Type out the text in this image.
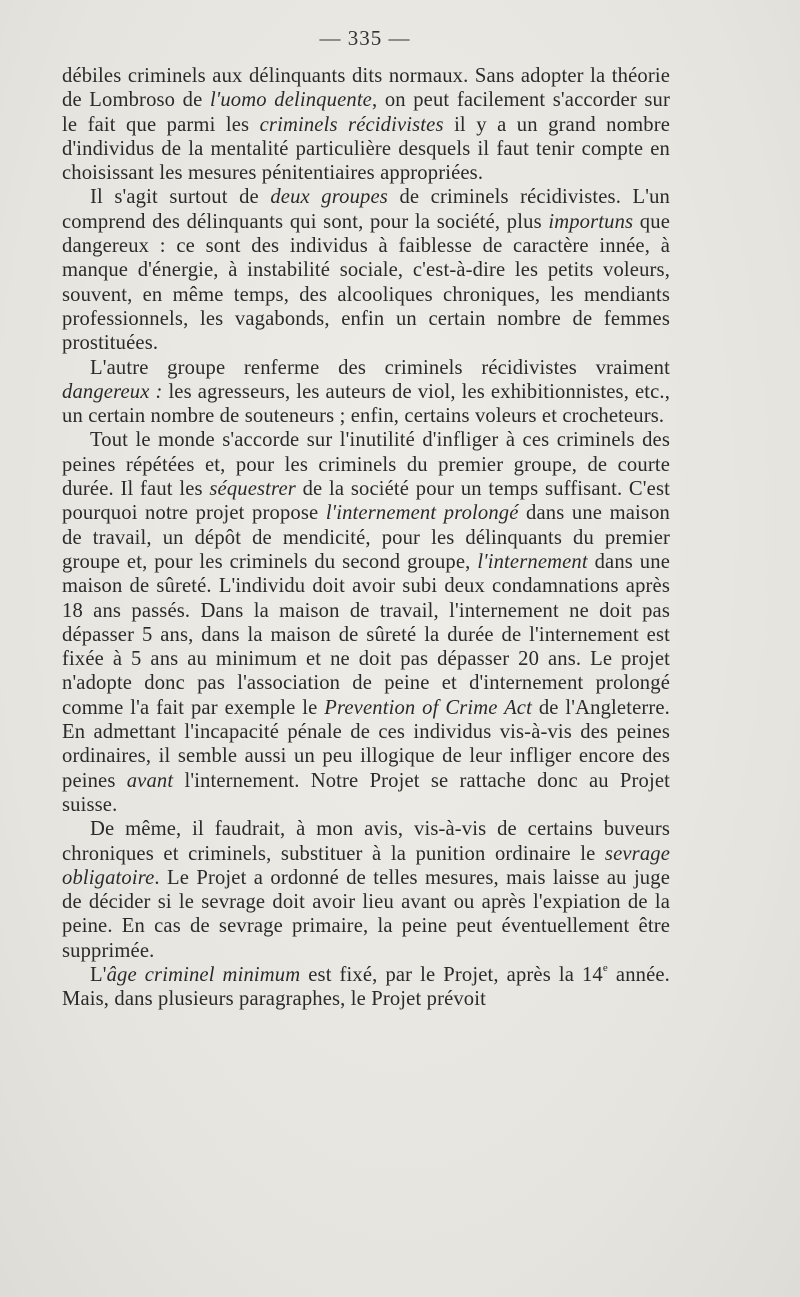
— 335 —

débiles criminels aux délinquants dits normaux. Sans adopter la théorie de Lombroso de l'uomo delinquente, on peut facilement s'accorder sur le fait que parmi les criminels récidivistes il y a un grand nombre d'individus de la mentalité particulière desquels il faut tenir compte en choisissant les mesures pénitentiaires appropriées.

Il s'agit surtout de deux groupes de criminels récidivistes. L'un comprend des délinquants qui sont, pour la société, plus importuns que dangereux : ce sont des individus à faiblesse de caractère innée, à manque d'énergie, à instabilité sociale, c'est-à-dire les petits voleurs, souvent, en même temps, des alcooliques chroniques, les mendiants professionnels, les vagabonds, enfin un certain nombre de femmes prostituées.

L'autre groupe renferme des criminels récidivistes vraiment dangereux : les agresseurs, les auteurs de viol, les exhibitionnistes, etc., un certain nombre de souteneurs ; enfin, certains voleurs et crocheteurs.

Tout le monde s'accorde sur l'inutilité d'infliger à ces criminels des peines répétées et, pour les criminels du premier groupe, de courte durée. Il faut les séquestrer de la société pour un temps suffisant. C'est pourquoi notre projet propose l'internement prolongé dans une maison de travail, un dépôt de mendicité, pour les délinquants du premier groupe et, pour les criminels du second groupe, l'internement dans une maison de sûreté. L'individu doit avoir subi deux condamnations après 18 ans passés. Dans la maison de travail, l'internement ne doit pas dépasser 5 ans, dans la maison de sûreté la durée de l'internement est fixée à 5 ans au minimum et ne doit pas dépasser 20 ans. Le projet n'adopte donc pas l'association de peine et d'internement prolongé comme l'a fait par exemple le Prevention of Crime Act de l'Angleterre. En admettant l'incapacité pénale de ces individus vis-à-vis des peines ordinaires, il semble aussi un peu illogique de leur infliger encore des peines avant l'internement. Notre Projet se rattache donc au Projet suisse.

De même, il faudrait, à mon avis, vis-à-vis de certains buveurs chroniques et criminels, substituer à la punition ordinaire le sevrage obligatoire. Le Projet a ordonné de telles mesures, mais laisse au juge de décider si le sevrage doit avoir lieu avant ou après l'expiation de la peine. En cas de sevrage primaire, la peine peut éventuellement être supprimée.

L'âge criminel minimum est fixé, par le Projet, après la 14e année. Mais, dans plusieurs paragraphes, le Projet prévoit
